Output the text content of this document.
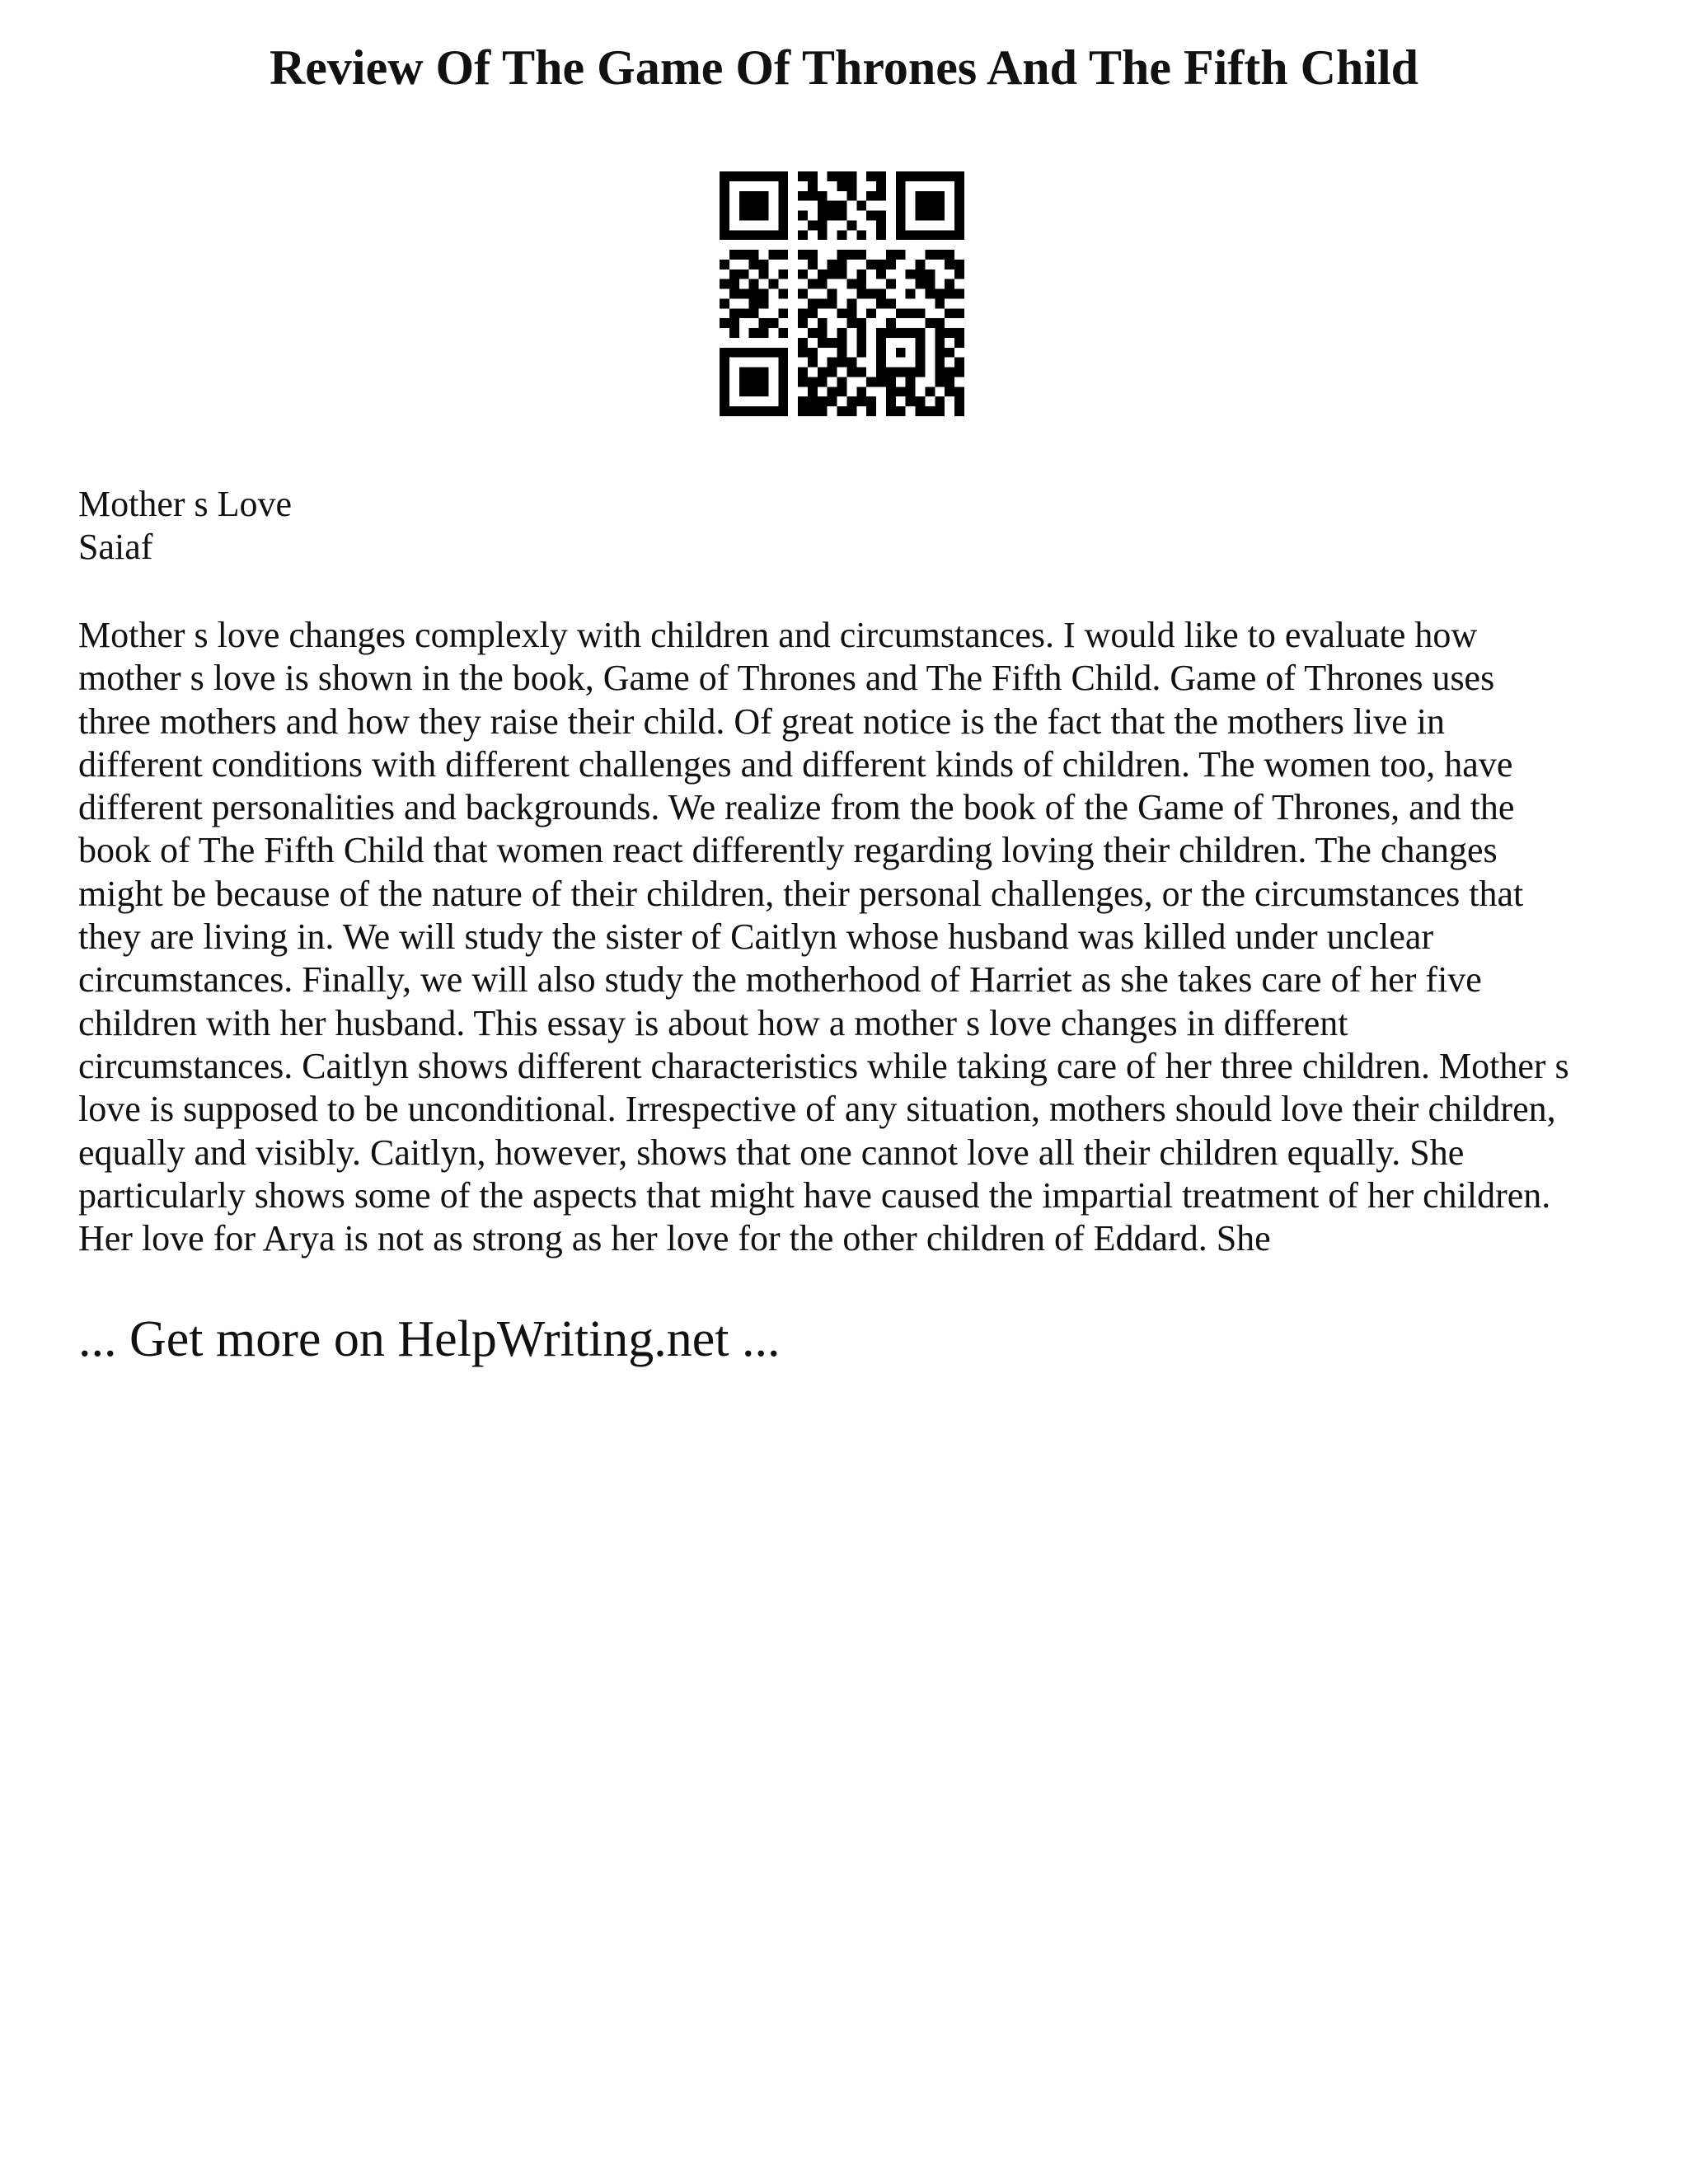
Review Of The Game Of Thrones And The Fifth Child
Mother s Love
Saiaf
Mother s love changes complexly with children and circumstances. I would like to evaluate how
mother s love is shown in the book, Game of Thrones and The Fifth Child. Game of Thrones uses
three mothers and how they raise their child. Of great notice is the fact that the mothers live in
different conditions with different challenges and different kinds of children. The women too, have
different personalities and backgrounds. We realize from the book of the Game of Thrones, and the
book of The Fifth Child that women react differently regarding loving their children. The changes
might be because of the nature of their children, their personal challenges, or the circumstances that
they are living in. We will study the sister of Caitlyn whose husband was killed under unclear
circumstances. Finally, we will also study the motherhood of Harriet as she takes care of her five
children with her husband. This essay is about how a mother s love changes in different
circumstances. Caitlyn shows different characteristics while taking care of her three children. Mother s
love is supposed to be unconditional. Irrespective of any situation, mothers should love their children,
equally and visibly. Caitlyn, however, shows that one cannot love all their children equally. She
particularly shows some of the aspects that might have caused the impartial treatment of her children.
Her love for Arya is not as strong as her love for the other children of Eddard. She
... Get more on HelpWriting.net ...
